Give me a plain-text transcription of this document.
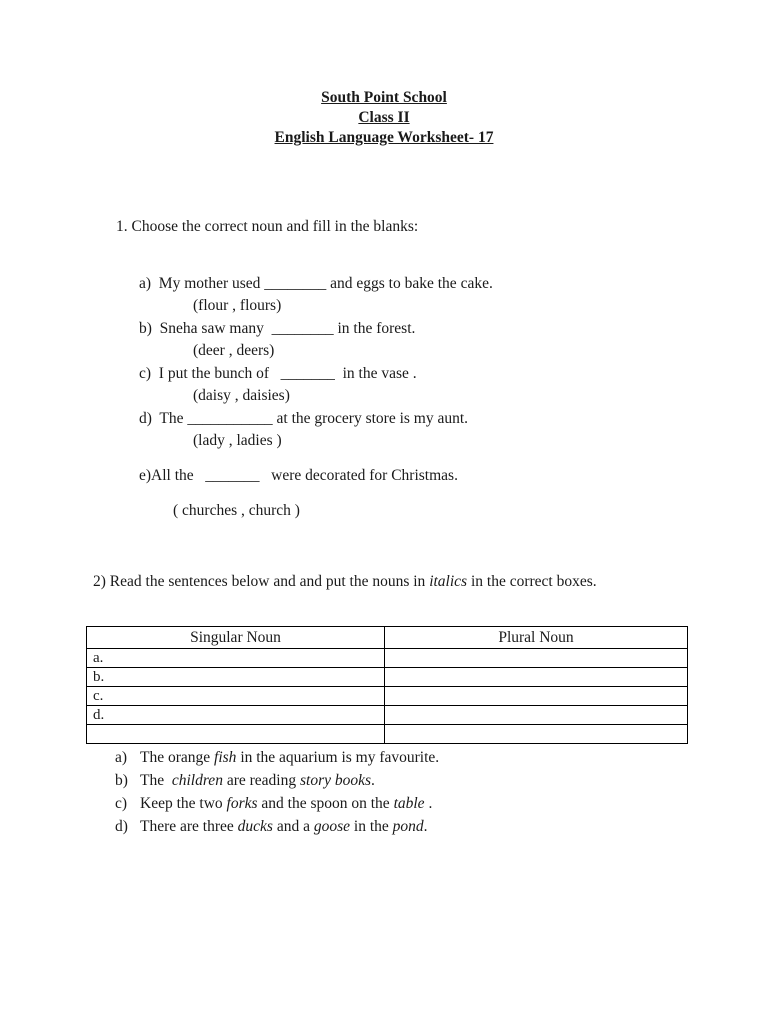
South Point School
Class II
English Language Worksheet- 17
1. Choose the correct noun and fill in the blanks:
a) My mother used ________ and eggs to bake the cake.
(flour , flours)
b) Sneha saw many  ________ in the forest.
(deer , deers)
c) I put the bunch of   _______  in the vase .
(daisy , daisies)
d) The ___________ at the grocery store is my aunt.
(lady , ladies )
e)All the   _______   were decorated for Christmas.
( churches , church )
2) Read the sentences below and and put the nouns in italics in the correct boxes.
Singular Noun	Plural Noun
a.	
b.	
c.	
d.	

a) The orange fish in the aquarium is my favourite.
b) The  children are reading story books.
c) Keep the two forks and the spoon on the table .
d) There are three ducks and a goose in the pond.
